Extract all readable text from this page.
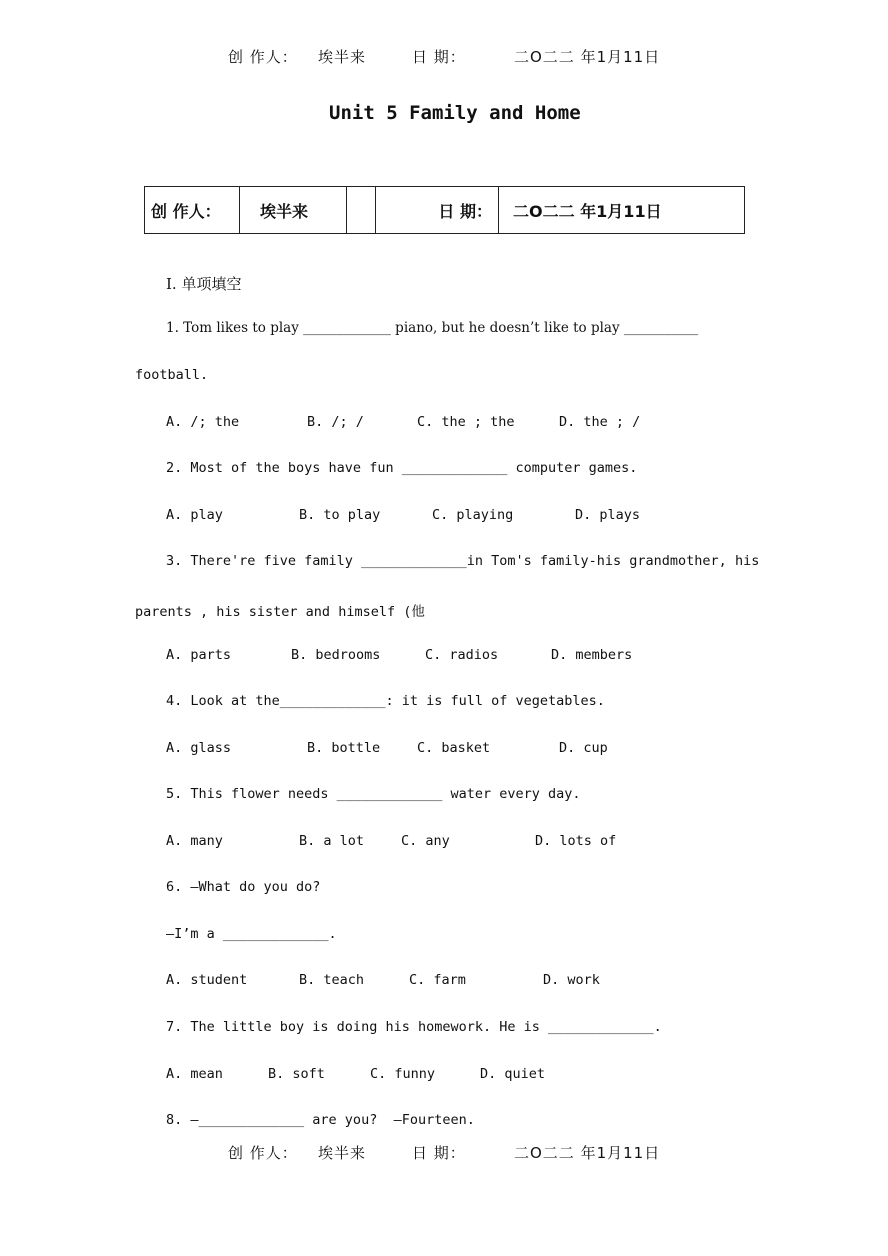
创 作人： 埃半来	日 期：	二O二二 年1月11日
Unit 5 Family and Home
创 作人：	埃半来		日 期：	二O二二 年1月11日
I. 单项填空
1. Tom likes to play _____________ piano, but he doesn’t like to play ___________
football.
A. /; the	B. /; /	C. the ; the	D. the ; /
2. Most of the boys have fun _____________ computer games.
A. play	B. to play	C. playing	D. plays
3. There're five family _____________in Tom's family-his grandmother, his
parents , his sister and himself (他
A. parts	B. bedrooms	C. radios	D. members
4. Look at the_____________: it is full of vegetables.
A. glass	B. bottle	C. basket	D. cup
5. This flower needs _____________ water every day.
A. many	B. a lot	C. any	D. lots of
6. —What do you do?
—I’m a _____________.
A. student	B. teach	C. farm	D. work
7. The little boy is doing his homework. He is _____________.
A. mean	B. soft	C. funny	D. quiet
8. —_____________ are you?  —Fourteen.
创 作人： 埃半来	日 期：	二O二二 年1月11日
